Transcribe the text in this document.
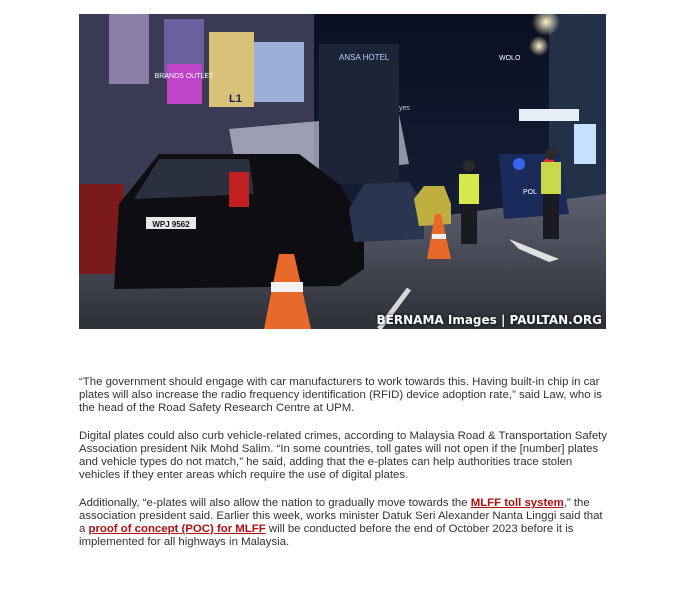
BRANDS OUTLET
L1
ANSA HOTEL	WOLO
yes
WPJ 9562
POL
BERNAMA Images | PAULTAN.ORG

“The government should engage with car manufacturers to work towards this. Having built-in chip in car plates will also increase the radio frequency identification (RFID) device adoption rate,” said Law, who is the head of the Road Safety Research Centre at UPM.

Digital plates could also curb vehicle-related crimes, according to Malaysia Road & Transportation Safety Association president Nik Mohd Salim. “In some countries, toll gates will not open if the [number] plates and vehicle types do not match,” he said, adding that the e-plates can help authorities trace stolen vehicles if they enter areas which require the use of digital plates.

Additionally, “e-plates will also allow the nation to gradually move towards the MLFF toll system,” the association president said. Earlier this week, works minister Datuk Seri Alexander Nanta Linggi said that a proof of concept (POC) for MLFF will be conducted before the end of October 2023 before it is implemented for all highways in Malaysia.
